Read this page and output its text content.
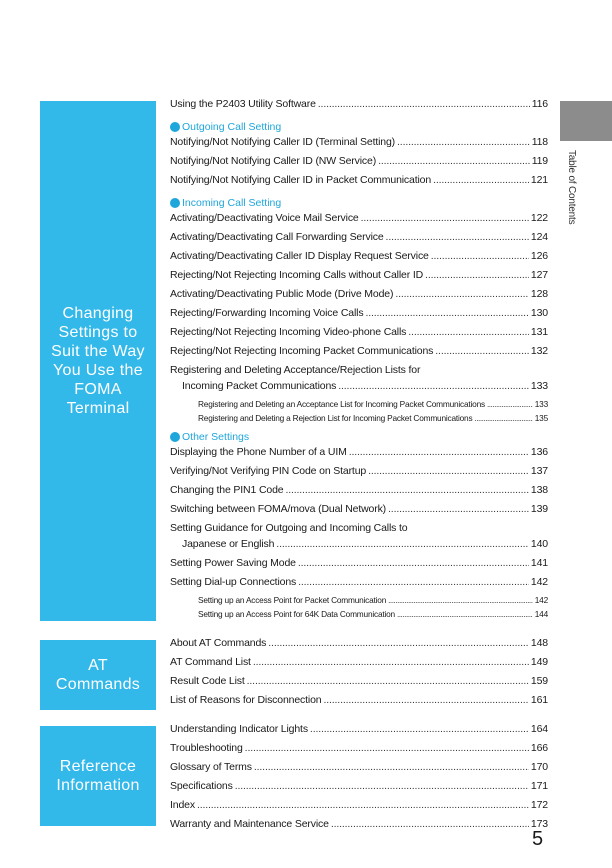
Changing
Settings to
Suit the Way
You Use the
FOMA
Terminal
AT
Commands
Reference
Information
Using the P2403 Utility Software .....	116
Outgoing Call Setting
Notifying/Not Notifying Caller ID (Terminal Setting) .....	118
Notifying/Not Notifying Caller ID (NW Service) .....	119
Notifying/Not Notifying Caller ID in Packet Communication .....	121
Incoming Call Setting
Activating/Deactivating Voice Mail Service .....	122
Activating/Deactivating Call Forwarding Service .....	124
Activating/Deactivating Caller ID Display Request Service .....	126
Rejecting/Not Rejecting Incoming Calls without Caller ID .....	127
Activating/Deactivating Public Mode (Drive Mode) .....	128
Rejecting/Forwarding Incoming Voice Calls .....	130
Rejecting/Not Rejecting Incoming Video-phone Calls .....	131
Rejecting/Not Rejecting Incoming Packet Communications .....	132
Registering and Deleting Acceptance/Rejection Lists for
Incoming Packet Communications .....	133
Registering and Deleting an Acceptance List for Incoming Packet Communications .....	133
Registering and Deleting a Rejection List for Incoming Packet Communications .....	135
Other Settings
Displaying the Phone Number of a UIM .....	136
Verifying/Not Verifying PIN Code on Startup .....	137
Changing the PIN1 Code .....	138
Switching between FOMA/mova (Dual Network) .....	139
Setting Guidance for Outgoing and Incoming Calls to
Japanese or English .....	140
Setting Power Saving Mode .....	141
Setting Dial-up Connections .....	142
Setting up an Access Point for Packet Communication .....	142
Setting up an Access Point for 64K Data Communication .....	144
About AT Commands .....	148
AT Command List .....	149
Result Code List .....	159
List of Reasons for Disconnection .....	161
Understanding Indicator Lights .....	164
Troubleshooting .....	166
Glossary of Terms .....	170
Specifications .....	171
Index .....	172
Warranty and Maintenance Service .....	173
Table of Contents
5
